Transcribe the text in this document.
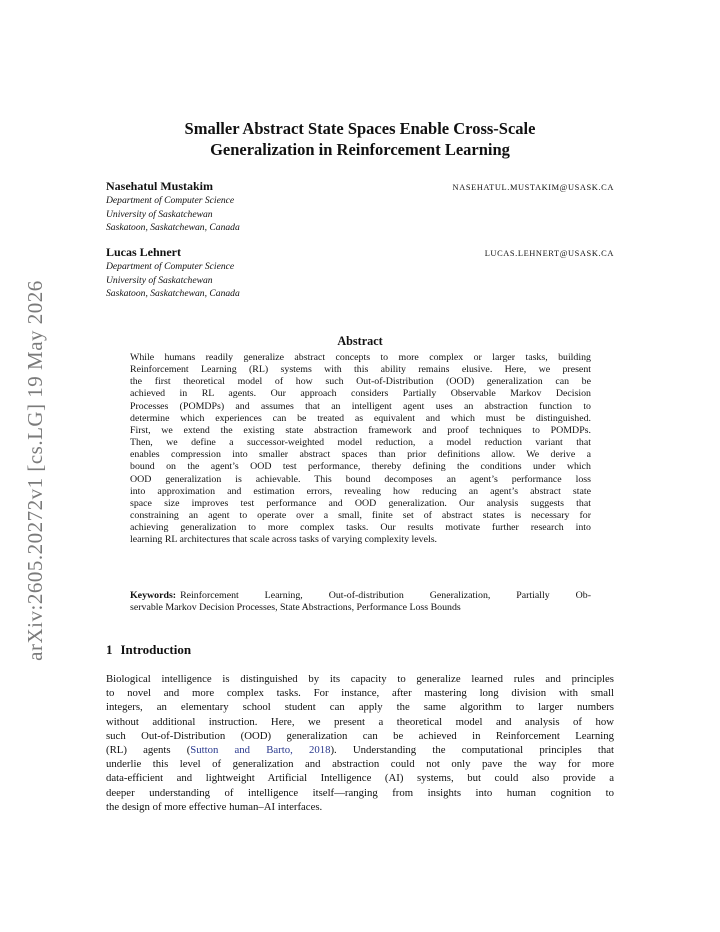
arXiv:2605.20272v1 [cs.LG] 19 May 2026
Smaller Abstract State Spaces Enable Cross-Scale
Generalization in Reinforcement Learning
Nasehatul Mustakim	NASEHATUL.MUSTAKIM@USASK.CA
Department of Computer Science
University of Saskatchewan
Saskatoon, Saskatchewan, Canada
Lucas Lehnert	LUCAS.LEHNERT@USASK.CA
Department of Computer Science
University of Saskatchewan
Saskatoon, Saskatchewan, Canada
Abstract
While humans readily generalize abstract concepts to more complex or larger tasks, building
Reinforcement Learning (RL) systems with this ability remains elusive. Here, we present
the first theoretical model of how such Out-of-Distribution (OOD) generalization can be
achieved in RL agents. Our approach considers Partially Observable Markov Decision
Processes (POMDPs) and assumes that an intelligent agent uses an abstraction function to
determine which experiences can be treated as equivalent and which must be distinguished.
First, we extend the existing state abstraction framework and proof techniques to POMDPs.
Then, we define a successor-weighted model reduction, a model reduction variant that
enables compression into smaller abstract spaces than prior definitions allow. We derive a
bound on the agent’s OOD test performance, thereby defining the conditions under which
OOD generalization is achievable. This bound decomposes an agent’s performance loss
into approximation and estimation errors, revealing how reducing an agent’s abstract state
space size improves test performance and OOD generalization. Our analysis suggests that
constraining an agent to operate over a small, finite set of abstract states is necessary for
achieving generalization to more complex tasks. Our results motivate further research into
learning RL architectures that scale across tasks of varying complexity levels.
Keywords: Reinforcement Learning, Out-of-distribution Generalization, Partially Ob-
servable Markov Decision Processes, State Abstractions, Performance Loss Bounds
1 Introduction
Biological intelligence is distinguished by its capacity to generalize learned rules and principles
to novel and more complex tasks. For instance, after mastering long division with small
integers, an elementary school student can apply the same algorithm to larger numbers
without additional instruction. Here, we present a theoretical model and analysis of how
such Out-of-Distribution (OOD) generalization can be achieved in Reinforcement Learning
(RL) agents (Sutton and Barto, 2018). Understanding the computational principles that
underlie this level of generalization and abstraction could not only pave the way for more
data-efficient and lightweight Artificial Intelligence (AI) systems, but could also provide a
deeper understanding of intelligence itself—ranging from insights into human cognition to
the design of more effective human–AI interfaces.
